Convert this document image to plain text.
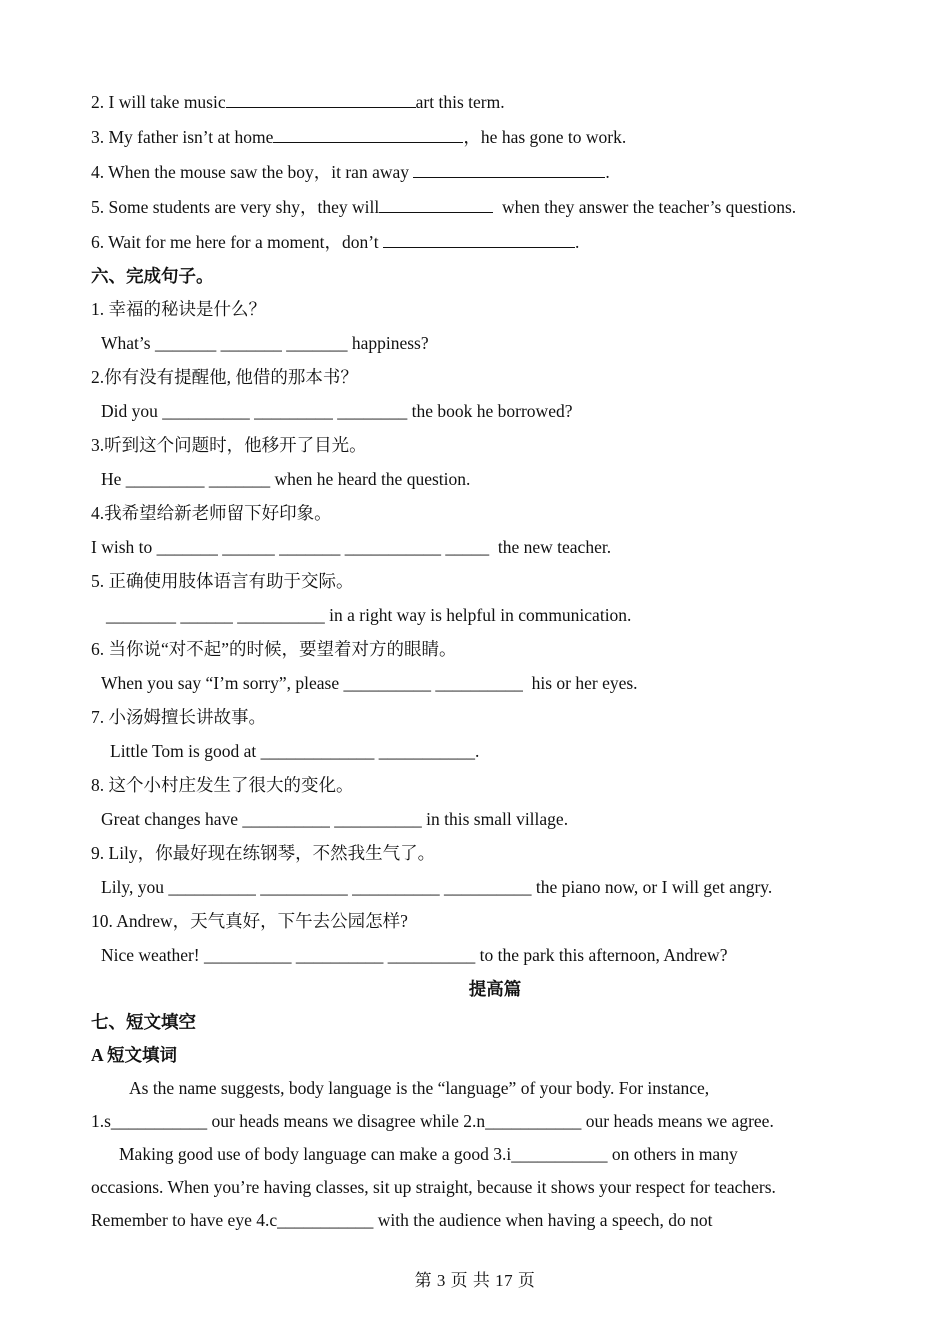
2. I will take music	art this term.
3. My father isn’t at home	，he has gone to work.
4. When the mouse saw the boy，it ran away	.
5. Some students are very shy，they will	when they answer the teacher’s questions.
6. Wait for me here for a moment，don’t	.
六、完成句子。
1. 幸福的秘诀是什么？
What’s _______ _______ _______ happiness?
2.你有没有提醒他, 他借的那本书？
Did you __________ _________ ________ the book he borrowed?
3.听到这个问题时，他移开了目光。
He _________ _______ when he heard the question.
4.我希望给新老师留下好印象。
I wish to _______ ______ _______ ___________ _____  the new teacher.
5. 正确使用肢体语言有助于交际。
________ ______ __________ in a right way is helpful in communication.
6. 当你说“对不起”的时候，要望着对方的眼睛。
When you say “I’m sorry”, please __________ __________  his or her eyes.
7. 小汤姆擅长讲故事。
Little Tom is good at _____________ ___________.
8. 这个小村庄发生了很大的变化。
Great changes have __________ __________ in this small village.
9. Lily，你最好现在练钢琴，不然我生气了。
Lily, you __________ __________ __________ __________ the piano now, or I will get angry.
10. Andrew，天气真好，下午去公园怎样?
Nice weather! __________ __________ __________ to the park this afternoon, Andrew?
提高篇
七、短文填空
A 短文填词
As the name suggests, body language is the “language” of your body. For instance,
1.s___________ our heads means we disagree while 2.n___________ our heads means we agree.
Making good use of body language can make a good 3.i___________ on others in many
occasions. When you’re having classes, sit up straight, because it shows your respect for teachers.
Remember to have eye 4.c___________ with the audience when having a speech, do not
第 3 页 共 17 页
